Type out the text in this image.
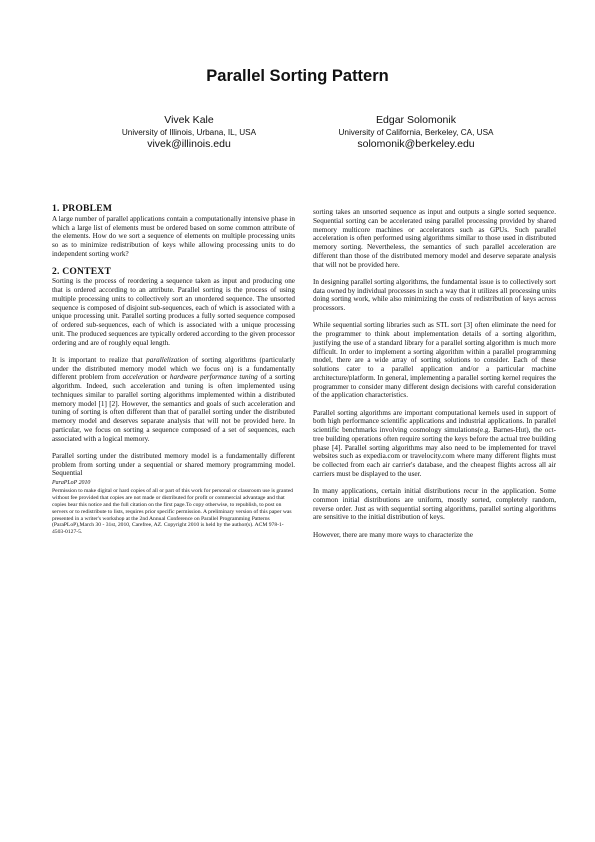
Parallel Sorting Pattern
Vivek Kale
University of Illinois, Urbana, IL, USA
vivek@illinois.edu
Edgar Solomonik
University of California, Berkeley, CA, USA
solomonik@berkeley.edu
1. PROBLEM

A large number of parallel applications contain a computationally intensive phase in which a large list of elements must be ordered based on some common attribute of the elements. How do we sort a sequence of elements on multiple processing units so as to minimize redistribution of keys while allowing processing units to do independent sorting work?

2. CONTEXT

Sorting is the process of reordering a sequence taken as input and producing one that is ordered according to an attribute. Parallel sorting is the process of using multiple processing units to collectively sort an unordered sequence. The unsorted sequence is composed of disjoint sub-sequences, each of which is associated with a unique processing unit. Parallel sorting produces a fully sorted sequence composed of ordered sub-sequences, each of which is associated with a unique processing unit. The produced sequences are typically ordered according to the given processor ordering and are of roughly equal length.

It is important to realize that parallelization of sorting algorithms (particularly under the distributed memory model which we focus on) is a fundamentally different problem from acceleration or hardware performance tuning of a sorting algorithm. Indeed, such acceleration and tuning is often implemented using techniques similar to parallel sorting algorithms implemented within a distributed memory model [1] [2]. However, the semantics and goals of such acceleration and tuning of sorting is often different than that of parallel sorting under the distributed memory model and deserves separate analysis that will not be provided here. In particular, we focus on sorting a sequence composed of a set of sequences, each associated with a logical memory.

Parallel sorting under the distributed memory model is a fundamentally different problem from sorting under a sequential or shared memory programming model. Sequential

ParaPLoP 2010
Permission to make digital or hard copies of all or part of this work for personal or classroom use is granted without fee provided that copies are not made or distributed for profit or commercial advantage and that copies bear this notice and the full citation on the first page.To copy otherwise, to republish, to post on servers or to redistribute to lists, requires prior specific permission. A preliminary version of this paper was presented in a writer's workshop at the 2nd Annual Conference on Parallel Programming Patterns (ParaPLoP),March 30 - 31st, 2010, Carefree, AZ. Copyright 2010 is held by the author(s). ACM 978-1-4503-0127-5.

sorting takes an unsorted sequence as input and outputs a single sorted sequence. Sequential sorting can be accelerated using parallel processing provided by shared memory multicore machines or accelerators such as GPUs. Such parallel acceleration is often performed using algorithms similar to those used in distributed memory sorting. Nevertheless, the semantics of such parallel acceleration are different than those of the distributed memory model and deserve separate analysis that will not be provided here.

In designing parallel sorting algorithms, the fundamental issue is to collectively sort data owned by individual processes in such a way that it utilizes all processing units doing sorting work, while also minimizing the costs of redistribution of keys across processors.

While sequential sorting libraries such as STL sort [3] often eliminate the need for the programmer to think about implementation details of a sorting algorithm, justifying the use of a standard library for a parallel sorting algorithm is much more difficult. In order to implement a sorting algorithm within a parallel programming model, there are a wide array of sorting solutions to consider. Each of these solutions cater to a parallel application and/or a particular machine architecture/platform. In general, implementing a parallel sorting kernel requires the programmer to consider many different design decisions with careful consideration of the application characteristics.

Parallel sorting algorithms are important computational kernels used in support of both high performance scientific applications and industrial applications. In parallel scientific benchmarks involving cosmology simulations(e.g. Barnes-Hut), the oct-tree building operations often require sorting the keys before the actual tree building phase [4]. Parallel sorting algorithms may also need to be implemented for travel websites such as expedia.com or travelocity.com where many different flights must be collected from each air carrier's database, and the cheapest flights across all air carriers must be displayed to the user.

In many applications, certain initial distributions recur in the application. Some common initial distributions are uniform, mostly sorted, completely random, reverse order. Just as with sequential sorting algorithms, parallel sorting algorithms are sensitive to the initial distribution of keys.

However, there are many more ways to characterize the
